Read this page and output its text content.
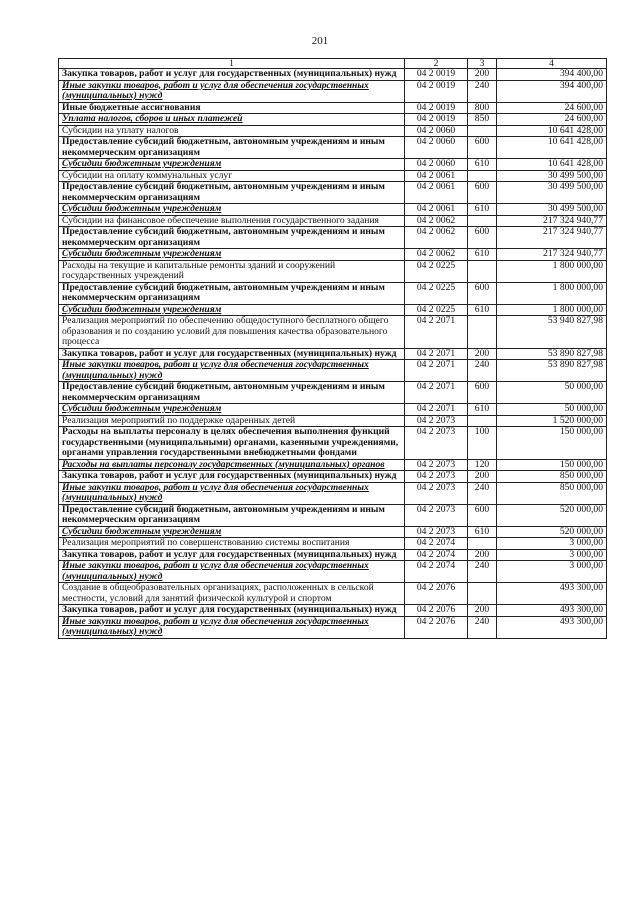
201
1	2	3	4
Закупка товаров, работ и услуг для государственных (муниципальных) нужд	04 2 0019	200	394 400,00
Иные закупки товаров, работ и услуг для обеспечения государственных (муниципальных) нужд	04 2 0019	240	394 400,00
Иные бюджетные ассигнования	04 2 0019	800	24 600,00
Уплата налогов, сборов и иных платежей	04 2 0019	850	24 600,00
Субсидии на уплату налогов	04 2 0060		10 641 428,00
Предоставление субсидий бюджетным, автономным учреждениям и иным некоммерческим организациям	04 2 0060	600	10 641 428,00
Субсидии бюджетным учреждениям	04 2 0060	610	10 641 428,00
Субсидии на оплату коммунальных услуг	04 2 0061		30 499 500,00
Предоставление субсидий бюджетным, автономным учреждениям и иным некоммерческим организациям	04 2 0061	600	30 499 500,00
Субсидии бюджетным учреждениям	04 2 0061	610	30 499 500,00
Субсидии на финансовое обеспечение выполнения государственного задания	04 2 0062		217 324 940,77
Предоставление субсидий бюджетным, автономным учреждениям и иным некоммерческим организациям	04 2 0062	600	217 324 940,77
Субсидии бюджетным учреждениям	04 2 0062	610	217 324 940,77
Расходы на текущие и капитальные ремонты зданий и сооружений государственных учреждений	04 2 0225		1 800 000,00
Предоставление субсидий бюджетным, автономным учреждениям и иным некоммерческим организациям	04 2 0225	600	1 800 000,00
Субсидии бюджетным учреждениям	04 2 0225	610	1 800 000,00
Реализация мероприятий по обеспечению общедоступного бесплатного общего образования и по созданию условий для повышения качества образовательного процесса	04 2 2071		53 940 827,98
Закупка товаров, работ и услуг для государственных (муниципальных) нужд	04 2 2071	200	53 890 827,98
Иные закупки товаров, работ и услуг для обеспечения государственных (муниципальных) нужд	04 2 2071	240	53 890 827,98
Предоставление субсидий бюджетным, автономным учреждениям и иным некоммерческим организациям	04 2 2071	600	50 000,00
Субсидии бюджетным учреждениям	04 2 2071	610	50 000,00
Реализация мероприятий по поддержке одаренных детей	04 2 2073		1 520 000,00
Расходы на выплаты персоналу в целях обеспечения выполнения функций государственными (муниципальными) органами, казенными учреждениями, органами управления государственными внебюджетными фондами	04 2 2073	100	150 000,00
Расходы на выплаты персоналу государственных (муниципальных) органов	04 2 2073	120	150 000,00
Закупка товаров, работ и услуг для государственных (муниципальных) нужд	04 2 2073	200	850 000,00
Иные закупки товаров, работ и услуг для обеспечения государственных (муниципальных) нужд	04 2 2073	240	850 000,00
Предоставление субсидий бюджетным, автономным учреждениям и иным некоммерческим организациям	04 2 2073	600	520 000,00
Субсидии бюджетным учреждениям	04 2 2073	610	520 000,00
Реализация мероприятий по совершенствованию системы воспитания	04 2 2074		3 000,00
Закупка товаров, работ и услуг для государственных (муниципальных) нужд	04 2 2074	200	3 000,00
Иные закупки товаров, работ и услуг для обеспечения государственных (муниципальных) нужд	04 2 2074	240	3 000,00
Создание в общеобразовательных организациях, расположенных в сельской местности, условий для занятий физической культурой и спортом	04 2 2076		493 300,00
Закупка товаров, работ и услуг для государственных (муниципальных) нужд	04 2 2076	200	493 300,00
Иные закупки товаров, работ и услуг для обеспечения государственных (муниципальных) нужд	04 2 2076	240	493 300,00
